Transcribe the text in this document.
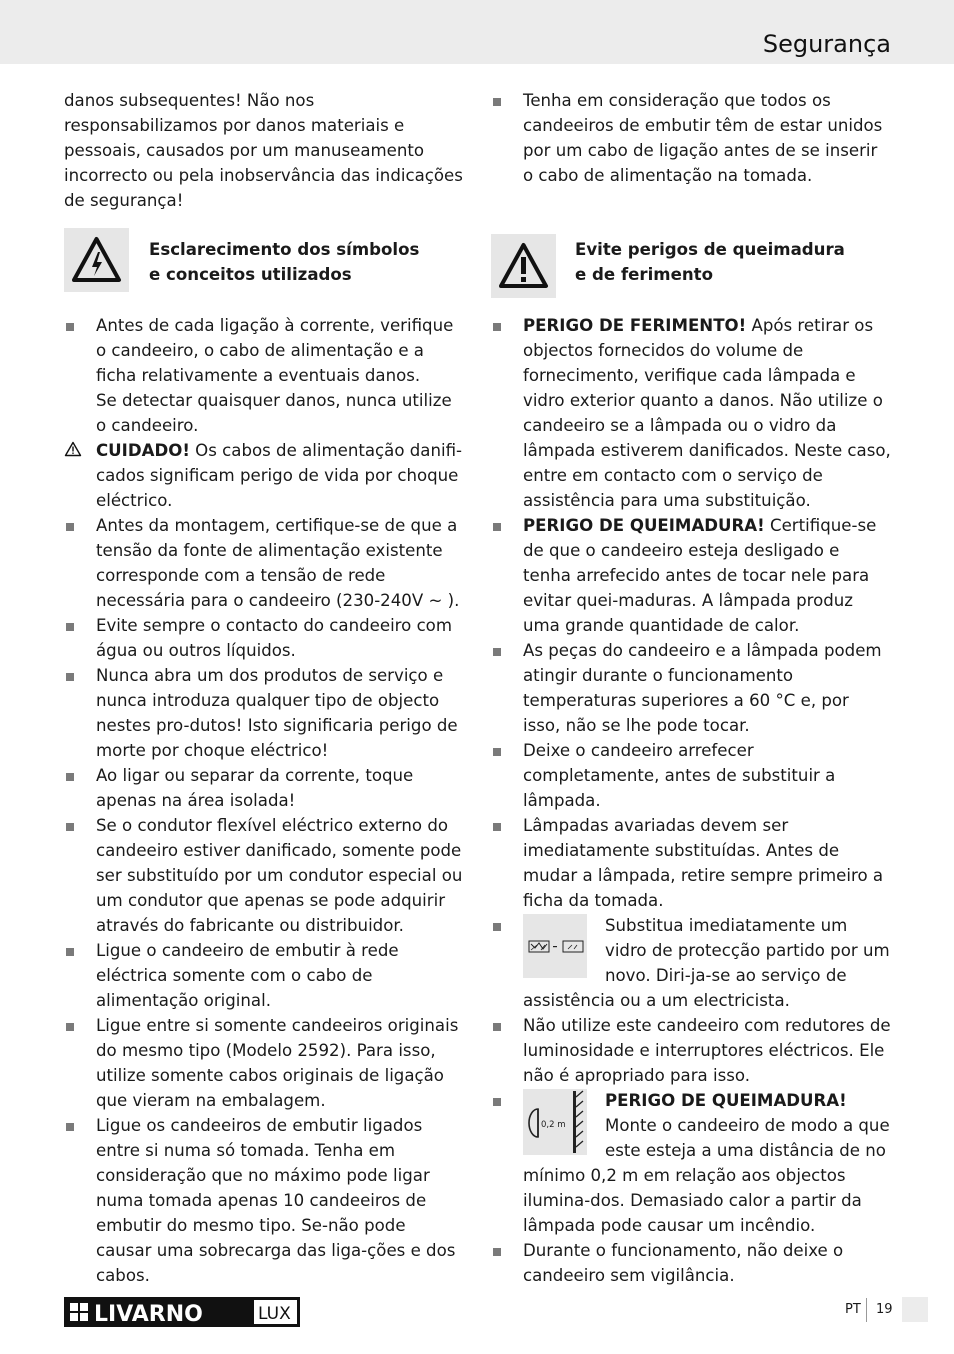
Segurança

danos subsequentes! Não nos responsabilizamos por danos materiais e pessoais, causados por um manuseamento incorrecto ou pela inobservância das indicações de segurança!

Esclarecimento dos símbolos
e conceitos utilizados
Antes de cada ligação à corrente, verifique o candeeiro, o cabo de alimentação e a ficha relativamente a eventuais danos.
Se detectar quaisquer danos, nunca utilize o candeeiro.
CUIDADO! Os cabos de alimentação danifi-cados significam perigo de vida por choque eléctrico.
Antes da montagem, certifique-se de que a tensão da fonte de alimentação existente corresponde com a tensão de rede necessária para o candeeiro (230-240V ~ ).
Evite sempre o contacto do candeeiro com água ou outros líquidos.
Nunca abra um dos produtos de serviço e nunca introduza qualquer tipo de objecto nestes pro-dutos! Isto significaria perigo de morte por choque eléctrico!
Ao ligar ou separar da corrente, toque apenas na área isolada!
Se o condutor flexível eléctrico externo do candeeiro estiver danificado, somente pode ser substituído por um condutor especial ou um condutor que apenas se pode adquirir através do fabricante ou distribuidor.
Ligue o candeeiro de embutir à rede eléctrica somente com o cabo de alimentação original.
Ligue entre si somente candeeiros originais do mesmo tipo (Modelo 2592). Para isso, utilize somente cabos originais de ligação que vieram na embalagem.
Ligue os candeeiros de embutir ligados entre si numa só tomada. Tenha em consideração que no máximo pode ligar numa tomada apenas 10 candeeiros de embutir do mesmo tipo. Se-não pode causar uma sobrecarga das liga-ções e dos cabos.
Tenha em consideração que todos os candeeiros de embutir têm de estar unidos por um cabo de ligação antes de se inserir o cabo de alimentação na tomada.
Evite perigos de queimadura
e de ferimento
PERIGO DE FERIMENTO! Após retirar os objectos fornecidos do volume de fornecimento, verifique cada lâmpada e vidro exterior quanto a danos. Não utilize o candeeiro se a lâmpada ou o vidro da lâmpada estiverem danificados. Neste caso, entre em contacto com o serviço de assistência para uma substituição.
PERIGO DE QUEIMADURA! Certifique-se de que o candeeiro esteja desligado e tenha arrefecido antes de tocar nele para evitar quei-maduras. A lâmpada produz uma grande quantidade de calor.
As peças do candeeiro e a lâmpada podem atingir durante o funcionamento temperaturas superiores a 60 °C e, por isso, não se lhe pode tocar.
Deixe o candeeiro arrefecer completamente, antes de substituir a lâmpada.
Lâmpadas avariadas devem ser imediatamente substituídas. Antes de mudar a lâmpada, retire sempre primeiro a ficha da tomada.
Substitua imediatamente um vidro de protecção partido por um novo. Diri-ja-se ao serviço de assistência ou a um electricista.
Não utilize este candeeiro com redutores de luminosidade e interruptores eléctricos. Ele não é apropriado para isso.
0,2 m
PERIGO DE QUEIMADURA!
Monte o candeeiro de modo a que este esteja a uma distância de no mínimo 0,2 m em relação aos objectos ilumina-dos. Demasiado calor a partir da lâmpada pode causar um incêndio.
Durante o funcionamento, não deixe o candeeiro sem vigilância.
LIVARNO	LUX	PT 19
